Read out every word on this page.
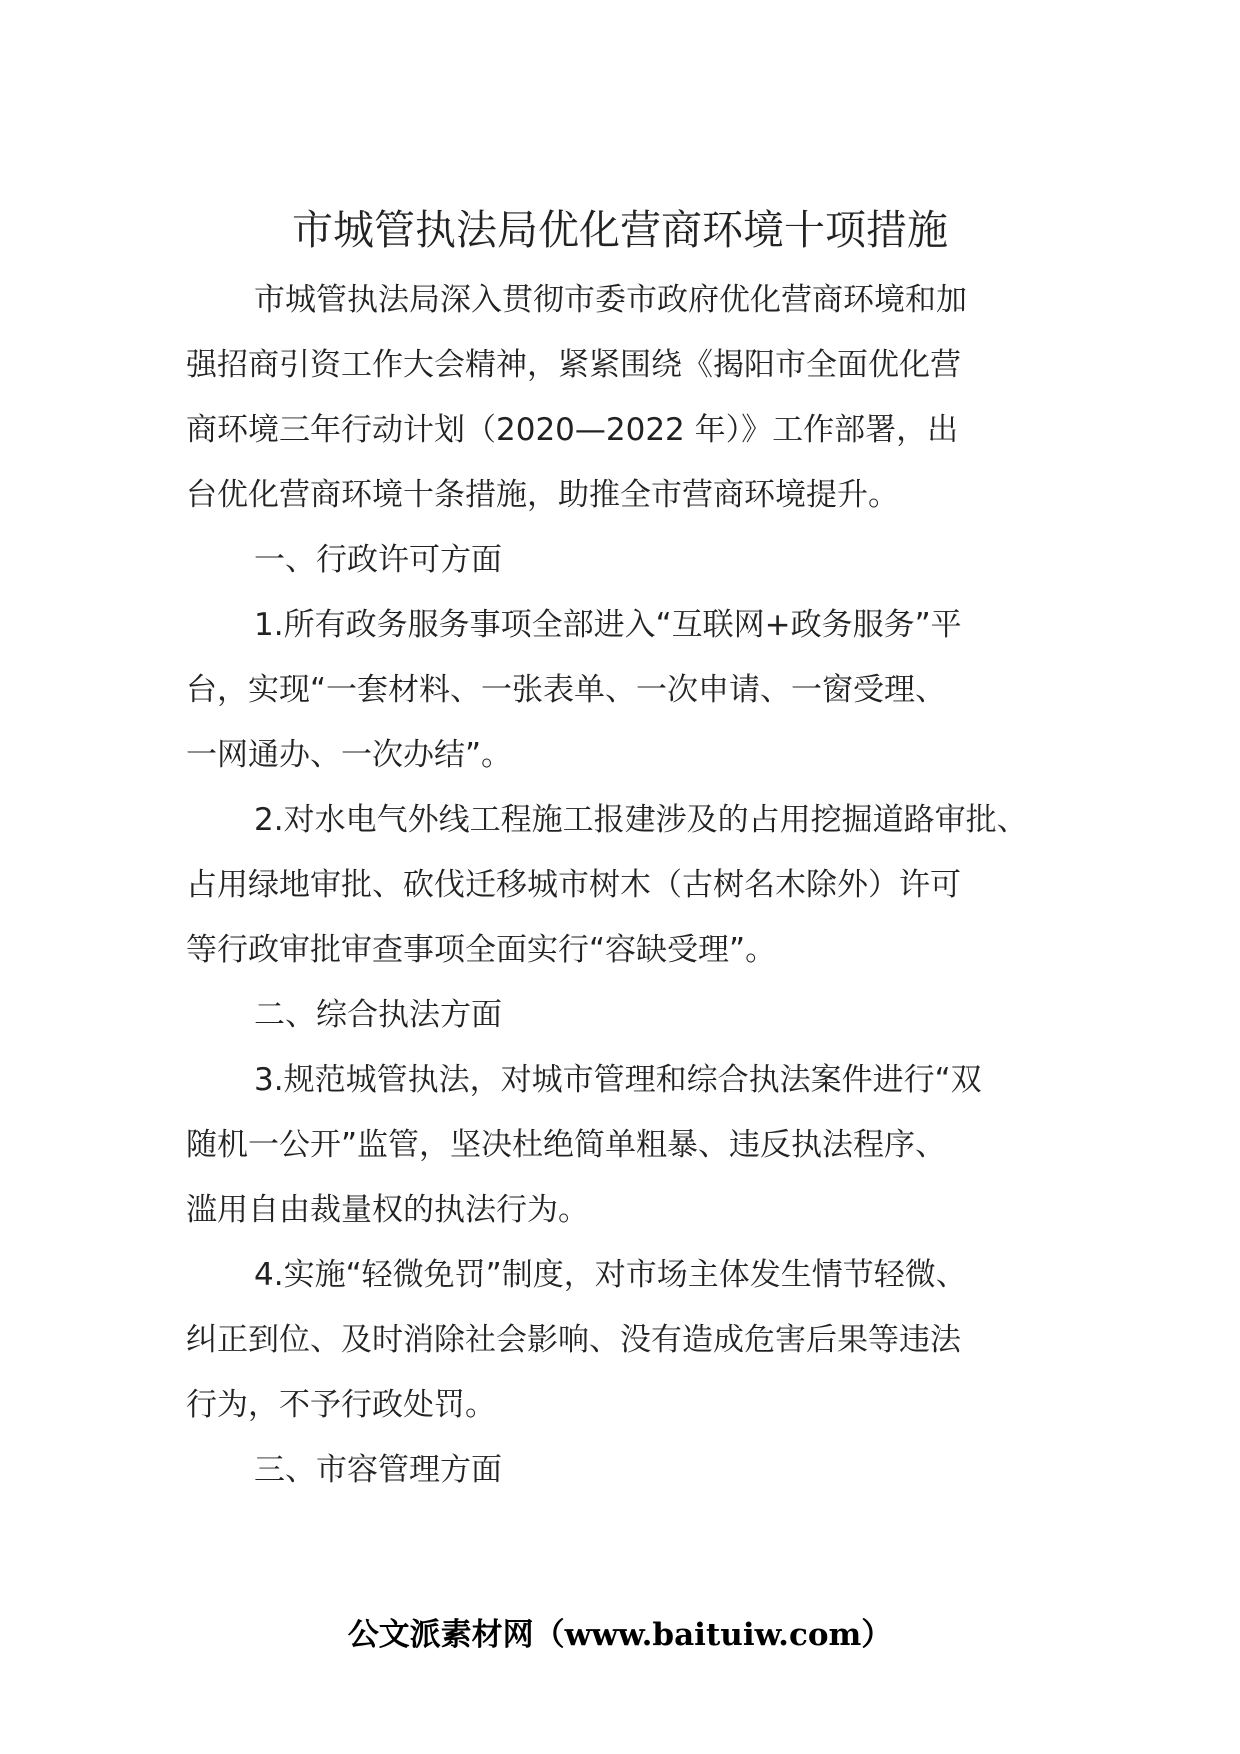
市城管执法局优化营商环境十项措施
市城管执法局深入贯彻市委市政府优化营商环境和加
强招商引资工作大会精神，紧紧围绕《揭阳市全面优化营
商环境三年行动计划（2020—2022 年）》工作部署，出
台优化营商环境十条措施，助推全市营商环境提升。
一、行政许可方面
1.所有政务服务事项全部进入“互联网+政务服务”平
台，实现“一套材料、一张表单、一次申请、一窗受理、
一网通办、一次办结”。
2.对水电气外线工程施工报建涉及的占用挖掘道路审批、
占用绿地审批、砍伐迁移城市树木（古树名木除外）许可
等行政审批审查事项全面实行“容缺受理”。
二、综合执法方面
3.规范城管执法，对城市管理和综合执法案件进行“双
随机一公开”监管，坚决杜绝简单粗暴、违反执法程序、
滥用自由裁量权的执法行为。
4.实施“轻微免罚”制度，对市场主体发生情节轻微、
纠正到位、及时消除社会影响、没有造成危害后果等违法
行为，不予行政处罚。
三、市容管理方面
公文派素材网（www.baituiw.com）
